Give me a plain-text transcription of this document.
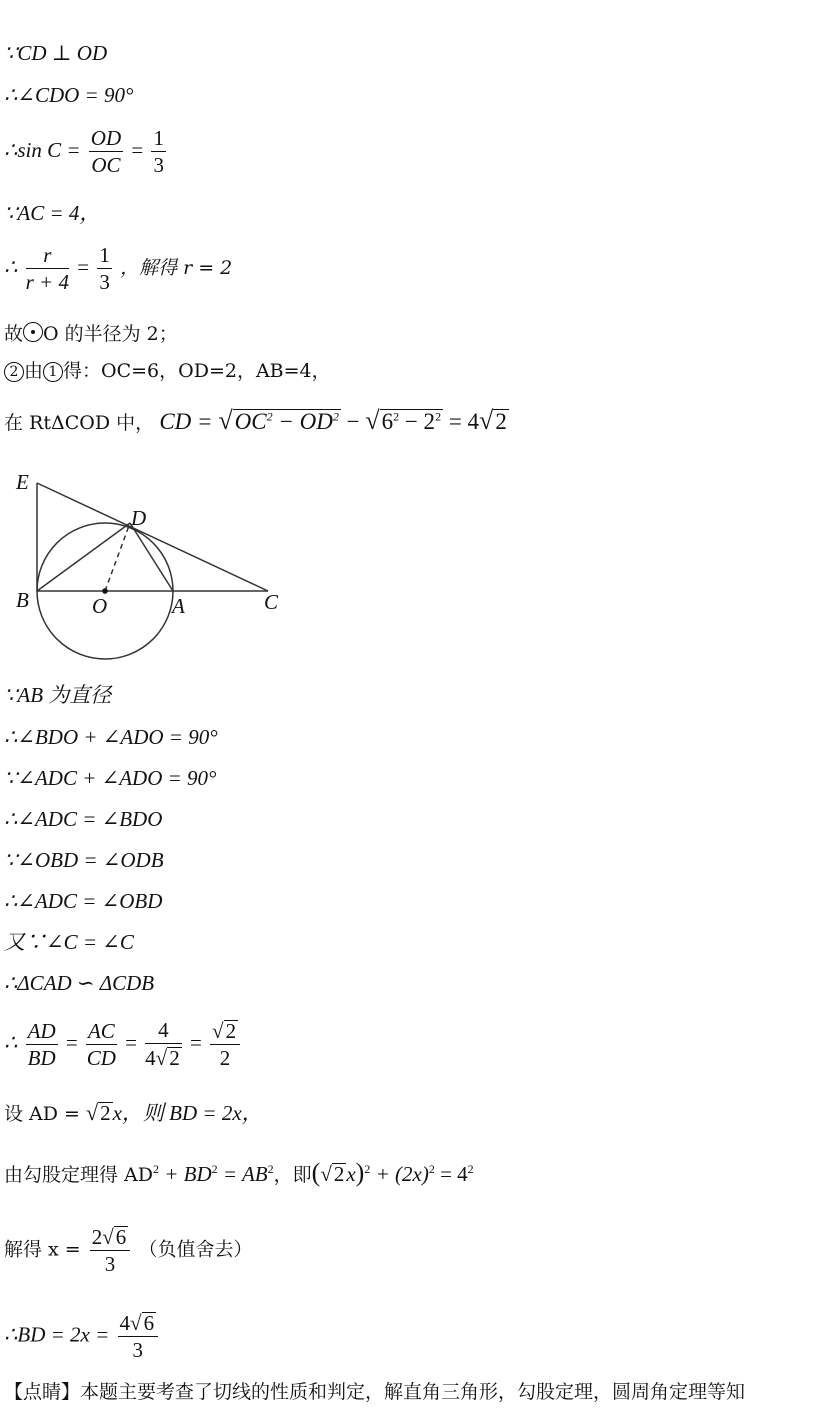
∵CD ⊥ OD
∴∠CDO = 90°
∴sin $C = \frac{OD}{OC} = \frac{1}{3}$
∵AC = 4，
∴ $\frac{r}{r + 4} = \frac{1}{3}$ ，解得 r = 2
故 O 的半径为 2；
2 由 1 得：OC=6，OD=2，AB=4，
在 RtΔCOD 中， CD = $√OC^2 - OD^2 - √6^2 - 2^2 = 4√2$
E
D
B	O	A	C
∵AB 为直径
∴∠BDO + ∠ADO = 90°
∵∠ADC + ∠ADO = 90°
∴∠ADC = ∠BDO
∵∠OBD = ∠ODB
∴∠ADC = ∠OBD
又∵∠C = ∠C
∴ΔCAD ∽ ΔCDB
∴ $\frac{AD}{BD} = \frac{AC}{CD} = \frac{4}{4√2} = \frac{√2}{2}$
设 AD = √2x，则 BD = 2x，
由勾股定理得 $AD^2 + BD^2 = AB^2$，即$(√2x)^2 + (2x)^2 = 4^2$
解得 $x = \frac{2√6}{3}$ （负值舍去）
∴BD = $2x = \frac{4√6}{3}$
【点睛】本题主要考查了切线的性质和判定，解直角三角形，勾股定理，圆周角定理等知
